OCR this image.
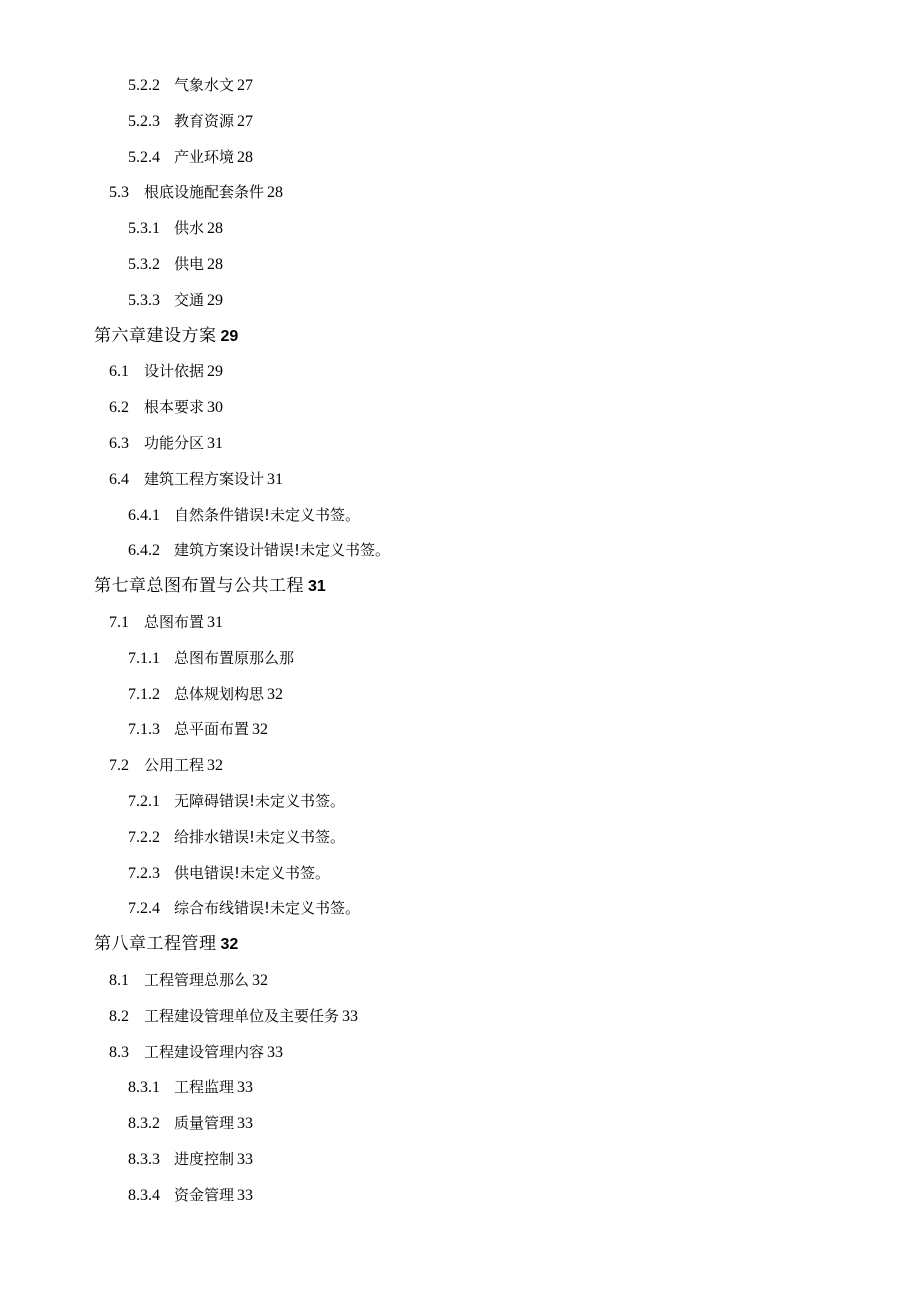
5.2.2 气象水文 27
5.2.3 教育资源 27
5.2.4 产业环境 28
5.3 根底设施配套条件 28
5.3.1 供水 28
5.3.2 供电 28
5.3.3 交通 29
第六章建设方案 29
6.1 设计依据 29
6.2 根本要求 30
6.3 功能分区 31
6.4 建筑工程方案设计 31
6.4.1 自然条件错误!未定义书签。
6.4.2 建筑方案设计错误!未定义书签。
第七章总图布置与公共工程 31
7.1 总图布置 31
7.1.1 总图布置原那么那
7.1.2 总体规划构思 32
7.1.3 总平面布置 32
7.2 公用工程 32
7.2.1 无障碍错误!未定义书签。
7.2.2 给排水错误!未定义书签。
7.2.3 供电错误!未定义书签。
7.2.4 综合布线错误!未定义书签。
第八章工程管理 32
8.1 工程管理总那么 32
8.2 工程建设管理单位及主要任务 33
8.3 工程建设管理内容 33
8.3.1 工程监理 33
8.3.2 质量管理 33
8.3.3 进度控制 33
8.3.4 资金管理 33
